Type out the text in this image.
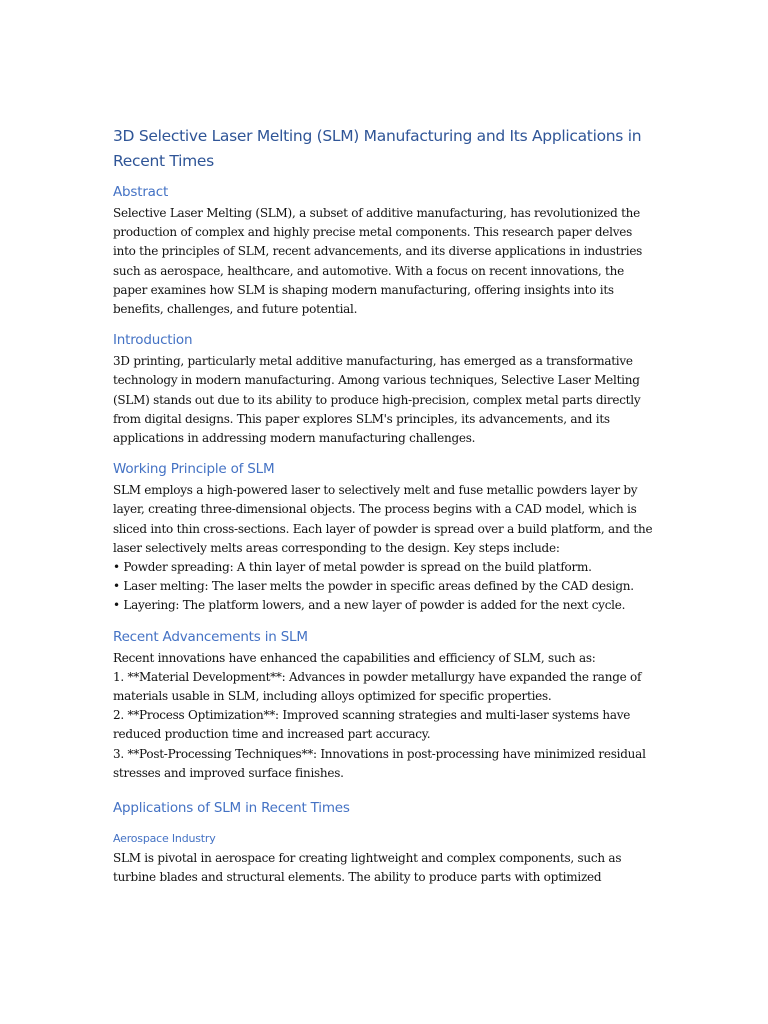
3D Selective Laser Melting (SLM) Manufacturing and Its Applications in
Recent Times
Abstract

Selective Laser Melting (SLM), a subset of additive manufacturing, has revolutionized the
production of complex and highly precise metal components. This research paper delves
into the principles of SLM, recent advancements, and its diverse applications in industries
such as aerospace, healthcare, and automotive. With a focus on recent innovations, the
paper examines how SLM is shaping modern manufacturing, offering insights into its
benefits, challenges, and future potential.

Introduction

3D printing, particularly metal additive manufacturing, has emerged as a transformative
technology in modern manufacturing. Among various techniques, Selective Laser Melting
(SLM) stands out due to its ability to produce high-precision, complex metal parts directly
from digital designs. This paper explores SLM's principles, its advancements, and its
applications in addressing modern manufacturing challenges.

Working Principle of SLM

SLM employs a high-powered laser to selectively melt and fuse metallic powders layer by
layer, creating three-dimensional objects. The process begins with a CAD model, which is
sliced into thin cross-sections. Each layer of powder is spread over a build platform, and the
laser selectively melts areas corresponding to the design. Key steps include:
• Powder spreading: A thin layer of metal powder is spread on the build platform.
• Laser melting: The laser melts the powder in specific areas defined by the CAD design.
• Layering: The platform lowers, and a new layer of powder is added for the next cycle.

Recent Advancements in SLM

Recent innovations have enhanced the capabilities and efficiency of SLM, such as:
1. **Material Development**: Advances in powder metallurgy have expanded the range of
materials usable in SLM, including alloys optimized for specific properties.
2. **Process Optimization**: Improved scanning strategies and multi-laser systems have
reduced production time and increased part accuracy.
3. **Post-Processing Techniques**: Innovations in post-processing have minimized residual
stresses and improved surface finishes.

Applications of SLM in Recent Times
Aerospace Industry

SLM is pivotal in aerospace for creating lightweight and complex components, such as
turbine blades and structural elements. The ability to produce parts with optimized
